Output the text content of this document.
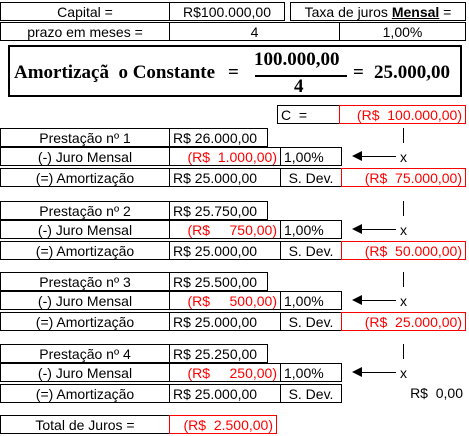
Capital =	R$100.000,00	Taxa de juros Mensal =
prazo em meses =	4	1,00%
Amortizaçã  o Constante =
100.000,00
4
= 25.000,00
C  =	(R$  100.000,00)
Prestação nº 1	R$ 26.000,00
(-) Juro Mensal	(R$  1.000,00) 1,00%
(=) Amortização	R$ 25.000,00	S. Dev.	(R$  75.000,00)
x
Prestação nº 2	R$ 25.750,00
(-) Juro Mensal	(R$     750,00) 1,00%
(=) Amortização	R$ 25.000,00	S. Dev.	(R$  50.000,00)
x
Prestação nº 3	R$ 25.500,00
(-) Juro Mensal	(R$     500,00) 1,00%
(=) Amortização	R$ 25.000,00	S. Dev.	(R$  25.000,00)
x
Prestação nº 4	R$ 25.250,00
(-) Juro Mensal	(R$     250,00) 1,00%
(=) Amortização	R$ 25.000,00	S. Dev.	R$  0,00
x
Total de Juros =	(R$  2.500,00)
